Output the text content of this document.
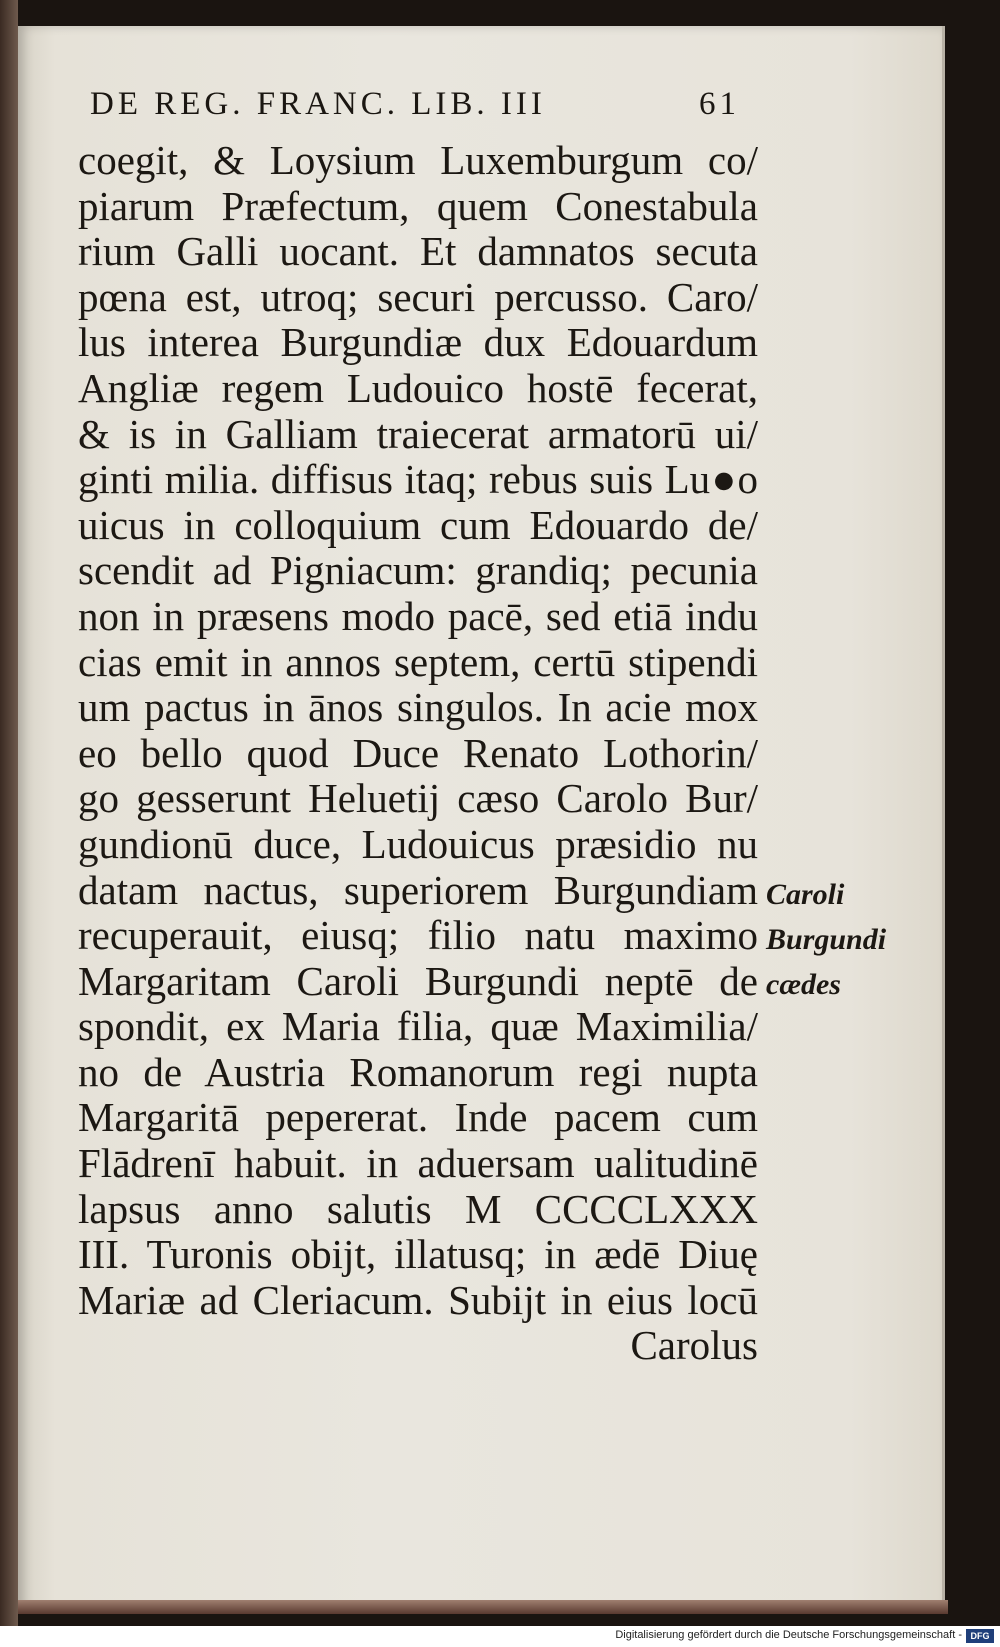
DE REG. FRANC. LIB. III	61
coegit, & Loysium Luxemburgum co/
piarum Præfectum, quem Conestabula
rium Galli uocant. Et damnatos secuta
pœna est, utroq; securi percusso. Caro/
lus interea Burgundiæ dux Edouardum
Angliæ regem Ludouico hostē fecerat,
& is in Galliam traiecerat armatorū ui/
ginti milia. diffisus itaq; rebus suis Lu●o
uicus in colloquium cum Edouardo de/
scendit ad Pigniacum: grandiq; pecunia
non in præsens modo pacē, sed etiā indu
cias emit in annos septem, certū stipendi
um pactus in ānos singulos. In acie mox
eo bello quod Duce Renato Lothorin/
go gesserunt Heluetij cæso Carolo Bur/
gundionū duce, Ludouicus præsidio nu
datam nactus, superiorem Burgundiam
recuperauit, eiusq; filio natu maximo
Margaritam Caroli Burgundi neptē de
spondit, ex Maria filia, quæ Maximilia/
no de Austria Romanorum regi nupta
Margaritā pepererat. Inde pacem cum
Flādrenī habuit. in aduersam ualitudinē
lapsus anno salutis M CCCCLXXX
III. Turonis obijt, illatusq; in ædē Diuę
Mariæ ad Cleriacum. Subijt in eius locū
Carolus
Caroli
Burgundi
cædes
Digitalisierung gefördert durch die Deutsche Forschungsgemeinschaft - DFG
